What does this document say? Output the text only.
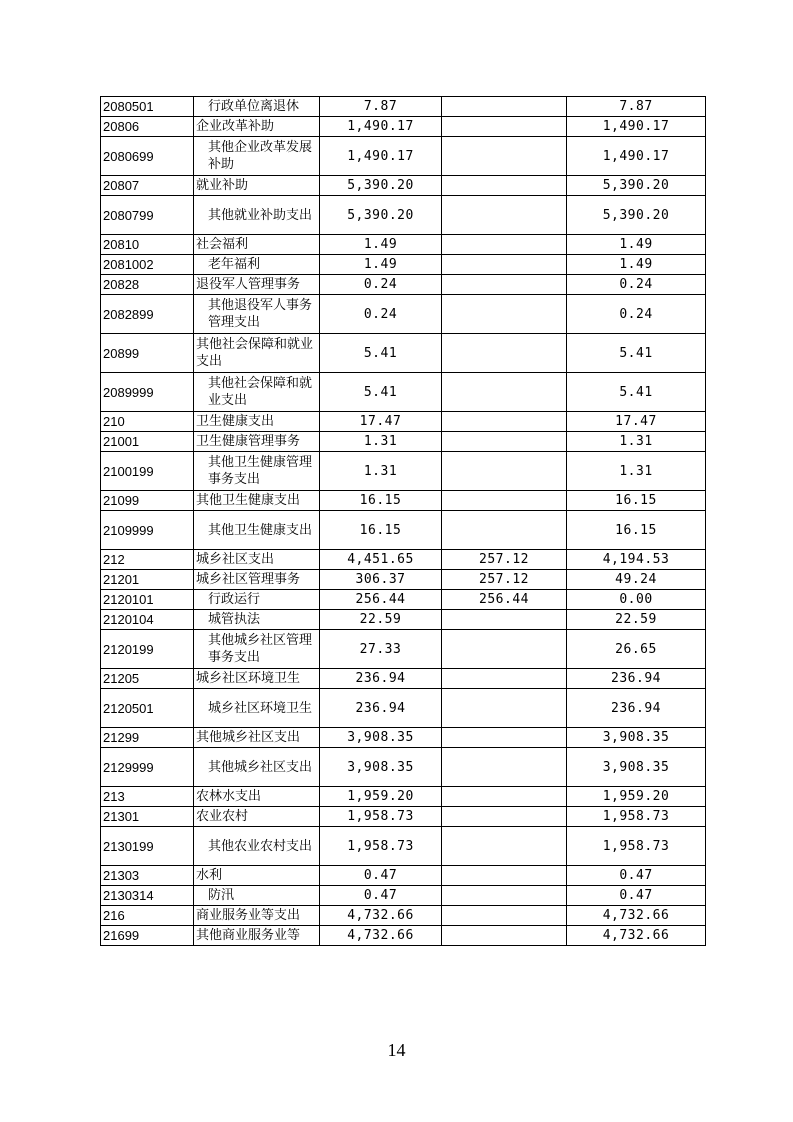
2080501	行政单位离退休	7.87		7.87
20806	企业改革补助	1,490.17		1,490.17
2080699	其他企业改革发展补助	1,490.17		1,490.17
20807	就业补助	5,390.20		5,390.20
2080799	其他就业补助支出	5,390.20		5,390.20
20810	社会福利	1.49		1.49
2081002	老年福利	1.49		1.49
20828	退役军人管理事务	0.24		0.24
2082899	其他退役军人事务管理支出	0.24		0.24
20899	其他社会保障和就业支出	5.41		5.41
2089999	其他社会保障和就业支出	5.41		5.41
210	卫生健康支出	17.47		17.47
21001	卫生健康管理事务	1.31		1.31
2100199	其他卫生健康管理事务支出	1.31		1.31
21099	其他卫生健康支出	16.15		16.15
2109999	其他卫生健康支出	16.15		16.15
212	城乡社区支出	4,451.65	257.12	4,194.53
21201	城乡社区管理事务	306.37	257.12	49.24
2120101	行政运行	256.44	256.44	0.00
2120104	城管执法	22.59		22.59
2120199	其他城乡社区管理事务支出	27.33		26.65
21205	城乡社区环境卫生	236.94		236.94
2120501	城乡社区环境卫生	236.94		236.94
21299	其他城乡社区支出	3,908.35		3,908.35
2129999	其他城乡社区支出	3,908.35		3,908.35
213	农林水支出	1,959.20		1,959.20
21301	农业农村	1,958.73		1,958.73
2130199	其他农业农村支出	1,958.73		1,958.73
21303	水利	0.47		0.47
2130314	防汛	0.47		0.47
216	商业服务业等支出	4,732.66		4,732.66
21699	其他商业服务业等	4,732.66		4,732.66
14
